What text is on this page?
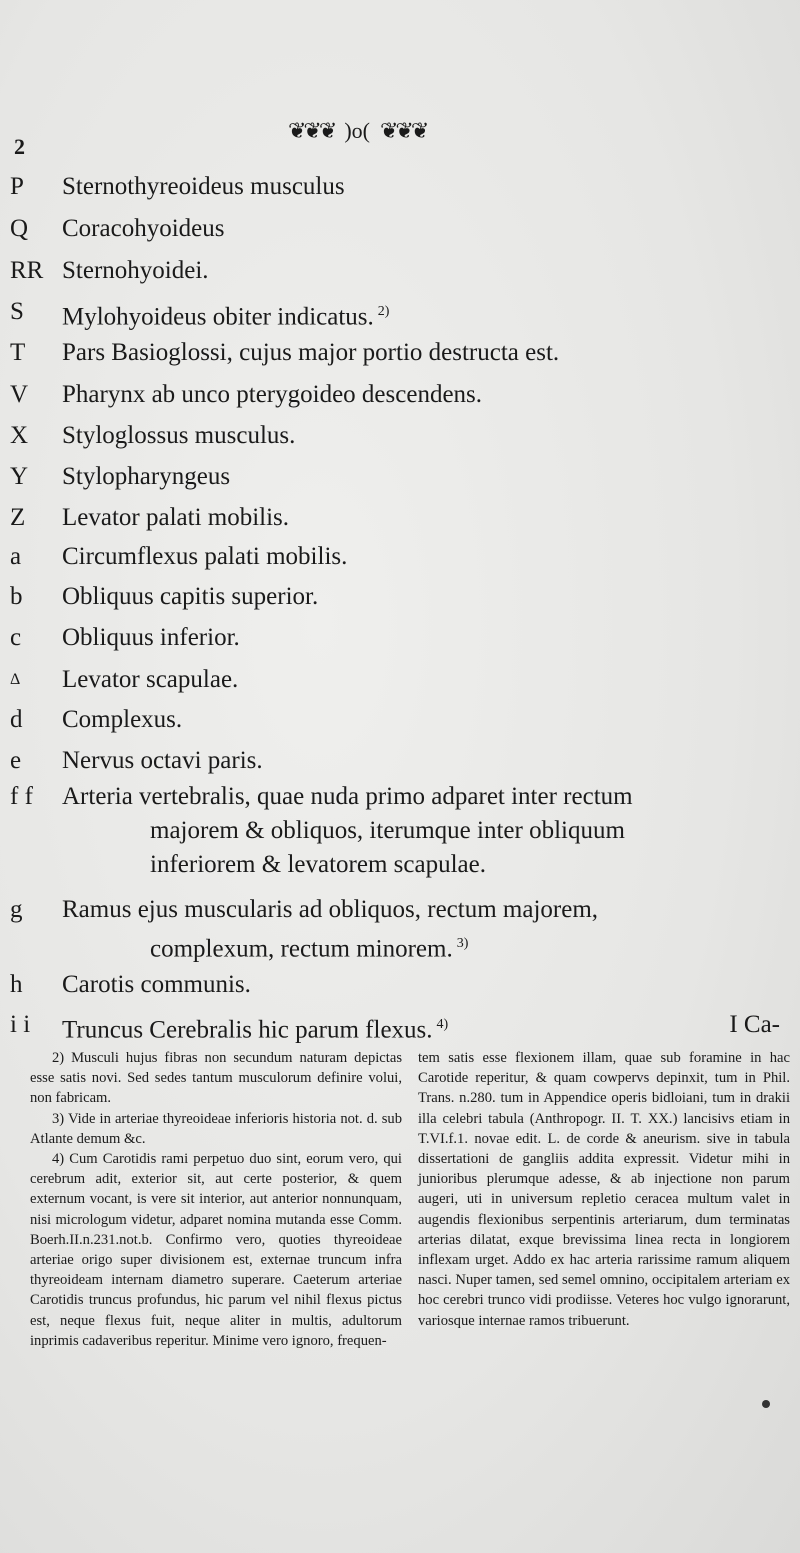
2
❦❦❦ )o( ❦❦❦
P	Sternothyreoideus musculus
Q	Coracohyoideus
RR Sternohyoidei.
S	Mylohyoideus obiter indicatus. $^{2)}$
T	Pars Basioglossi, cujus major portio destructa est.
V	Pharynx ab unco pterygoideo descendens.
X	Styloglossus musculus.
Y	Stylopharyngeus
Z	Levator palati mobilis.
a	Circumflexus palati mobilis.
b	Obliquus capitis superior.
c	Obliquus inferior.
Δ	Levator scapulae.
d	Complexus.
e	Nervus octavi paris.
f f	Arteria vertebralis, quae nuda primo adparet inter rectum
majorem & obliquos, iterumque inter obliquum
inferiorem & levatorem scapulae.
g	Ramus ejus muscularis ad obliquos, rectum majorem,
complexum, rectum minorem. $^{3)}$
h	Carotis communis.
i i	Truncus Cerebralis hic parum flexus. $^{4)}$	I Ca-

2) Musculi hujus fibras non secundum naturam depictas esse satis novi. Sed sedes tantum musculorum definire volui, non fabricam.

3) Vide in arteriae thyreoideae inferioris historia not. d. sub Atlante demum &c.

4) Cum Carotidis rami perpetuo duo sint, eorum vero, qui cerebrum adit, exterior sit, aut certe posterior, & quem externum vocant, is vere sit interior, aut anterior nonnunquam, nisi micrologum videtur, adparet nomina mutanda esse Comm. Boerh.II.n.231.not.b. Confirmo vero, quoties thyreoideae arteriae origo super divisionem est, externae truncum infra thyreoideam internam diametro superare. Caeterum arteriae Carotidis truncus profundus, hic parum vel nihil flexus pictus est, neque flexus fuit, neque aliter in multis, adultorum inprimis cadaveribus reperitur. Minime vero ignoro, frequen-

tem satis esse flexionem illam, quae sub foramine in hac Carotide reperitur, & quam cowpervs depinxit, tum in Phil. Trans. n.280. tum in Appendice operis bidloiani, tum in drakii illa celebri tabula (Anthropogr. II. T. XX.) lancisivs etiam in T.VI.f.1. novae edit. L. de corde & aneurism. sive in tabula dissertationi de gangliis addita expressit. Videtur mihi in junioribus plerumque adesse, & ab injectione non parum augeri, uti in universum repletio ceracea multum valet in augendis flexionibus serpentinis arteriarum, dum terminatas arterias dilatat, exque brevissima linea recta in longiorem inflexam urget. Addo ex hac arteria rarissime ramum aliquem nasci. Nuper tamen, sed semel omnino, occipitalem arteriam ex hoc cerebri trunco vidi prodiisse. Veteres hoc vulgo ignorarunt, variosque internae ramos tribuerunt.
